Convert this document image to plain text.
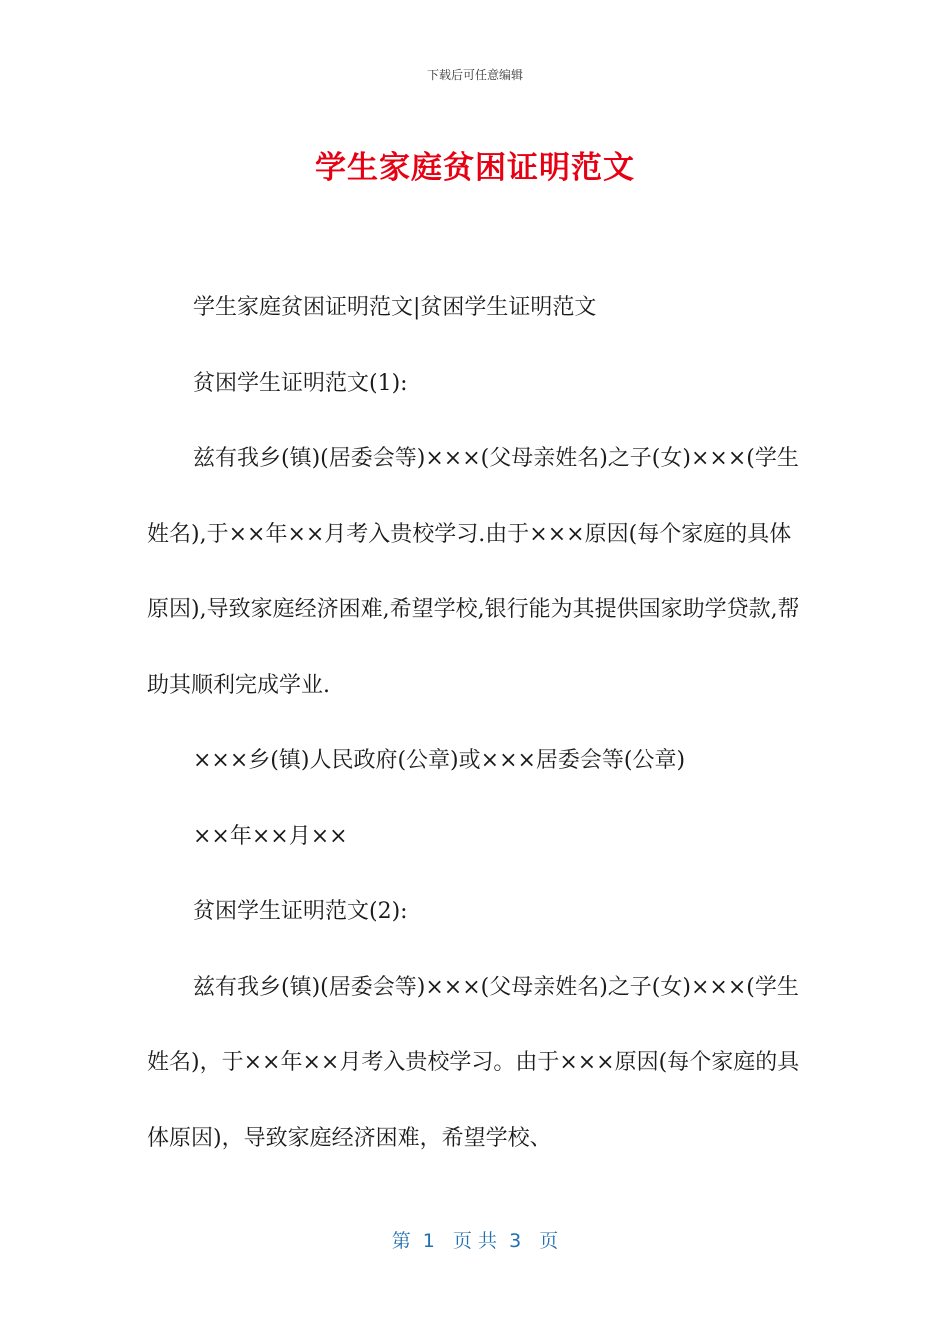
下载后可任意编辑
学生家庭贫困证明范文

学生家庭贫困证明范文|贫困学生证明范文

贫困学生证明范文(1):

兹有我乡(镇)(居委会等)×××(父母亲姓名)之子(女)×××(学生姓名),于××年××月考入贵校学习.由于×××原因(每个家庭的具体原因),导致家庭经济困难,希望学校,银行能为其提供国家助学贷款,帮助其顺利完成学业.

×××乡(镇)人民政府(公章)或×××居委会等(公章)

××年××月××

贫困学生证明范文(2):

兹有我乡(镇)(居委会等)×××(父母亲姓名)之子(女)×××(学生姓名)，于××年××月考入贵校学习。由于×××原因(每个家庭的具体原因)，导致家庭经济困难，希望学校、

第  1   页 共  3   页
